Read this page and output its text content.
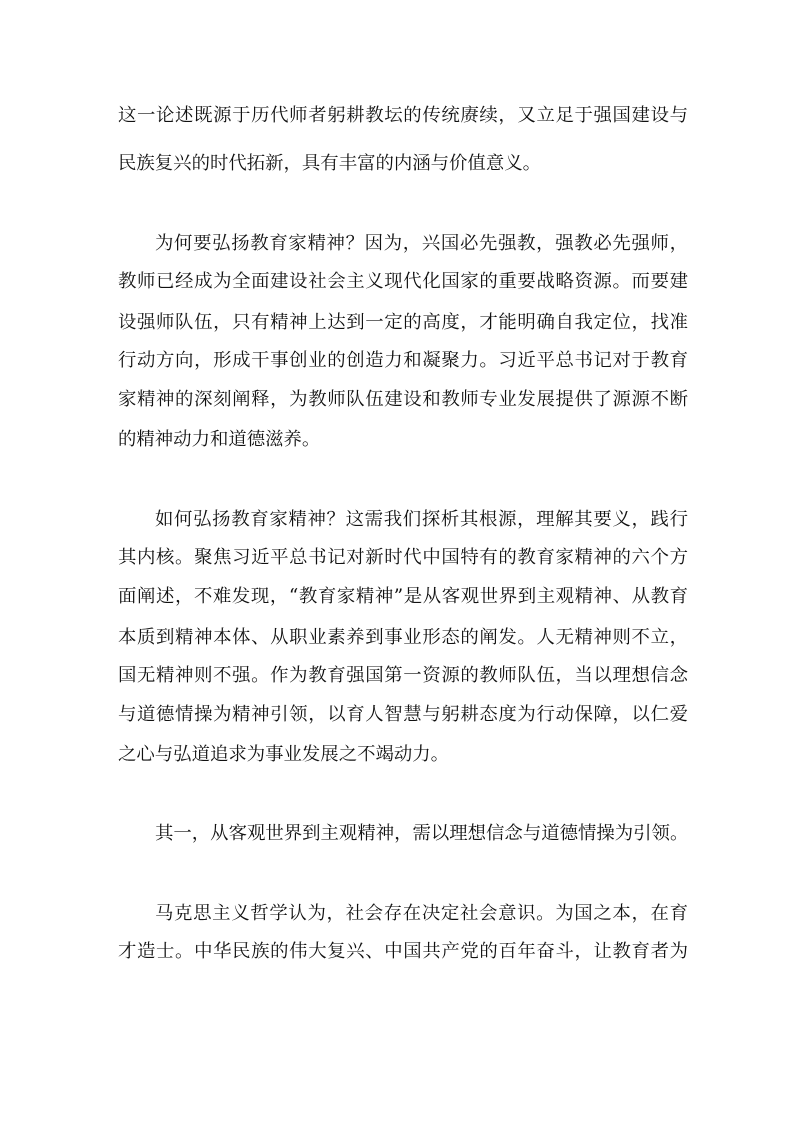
这一论述既源于历代师者躬耕教坛的传统赓续，又立足于强国建设与
民族复兴的时代拓新，具有丰富的内涵与价值意义。
为何要弘扬教育家精神？因为，兴国必先强教，强教必先强师，
教师已经成为全面建设社会主义现代化国家的重要战略资源。而要建
设强师队伍，只有精神上达到一定的高度，才能明确自我定位，找准
行动方向，形成干事创业的创造力和凝聚力。习近平总书记对于教育
家精神的深刻阐释，为教师队伍建设和教师专业发展提供了源源不断
的精神动力和道德滋养。
如何弘扬教育家精神？这需我们探析其根源，理解其要义，践行
其内核。聚焦习近平总书记对新时代中国特有的教育家精神的六个方
面阐述，不难发现，“教育家精神”是从客观世界到主观精神、从教育
本质到精神本体、从职业素养到事业形态的阐发。人无精神则不立，
国无精神则不强。作为教育强国第一资源的教师队伍，当以理想信念
与道德情操为精神引领，以育人智慧与躬耕态度为行动保障，以仁爱
之心与弘道追求为事业发展之不竭动力。
其一，从客观世界到主观精神，需以理想信念与道德情操为引领。
马克思主义哲学认为，社会存在决定社会意识。为国之本，在育
才造士。中华民族的伟大复兴、中国共产党的百年奋斗，让教育者为
